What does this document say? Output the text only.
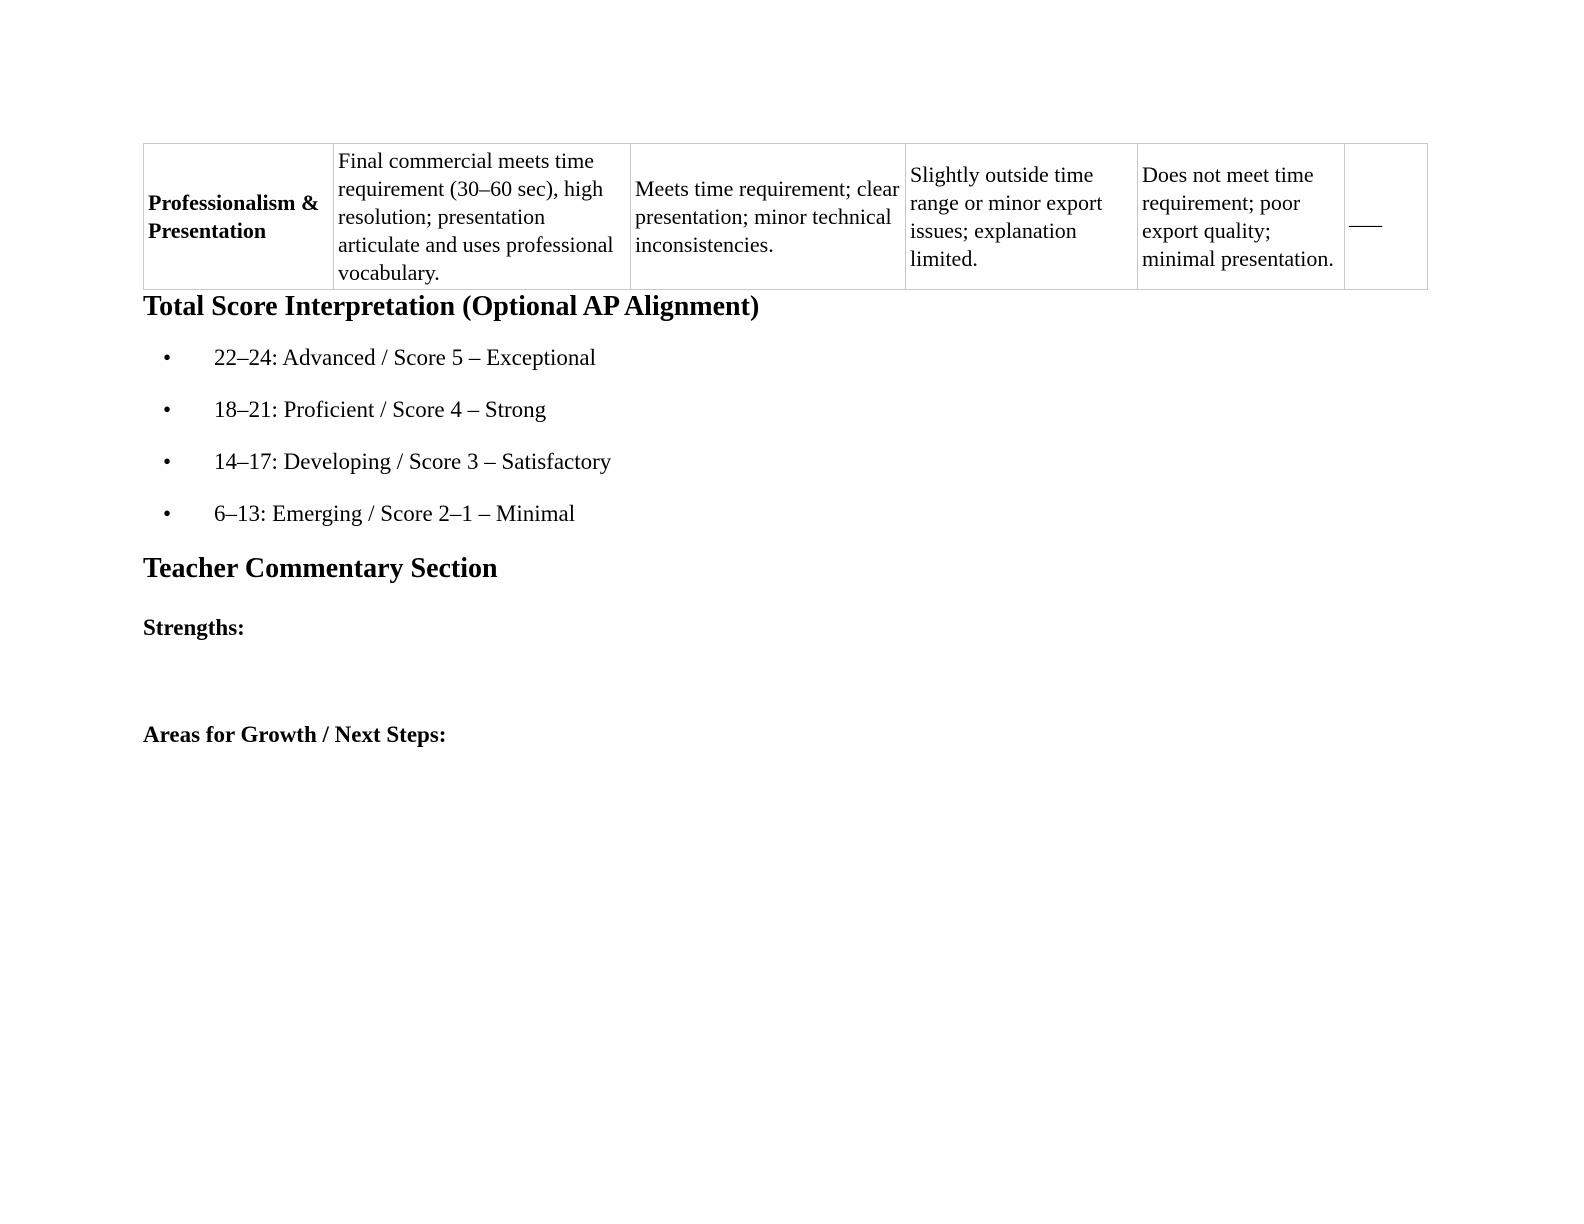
Professionalism & Presentation	Final commercial meets time requirement (30–60 sec), high resolution; presentation articulate and uses professional vocabulary.	Meets time requirement; clear presentation; minor technical inconsistencies.	Slightly outside time range or minor export issues; explanation limited.	Does not meet time requirement; poor export quality; minimal presentation.	___
Total Score Interpretation (Optional AP Alignment)
• 22–24: Advanced / Score 5 – Exceptional
• 18–21: Proficient / Score 4 – Strong
• 14–17: Developing / Score 3 – Satisfactory
• 6–13: Emerging / Score 2–1 – Minimal
Teacher Commentary Section

Strengths:

Areas for Growth / Next Steps:
